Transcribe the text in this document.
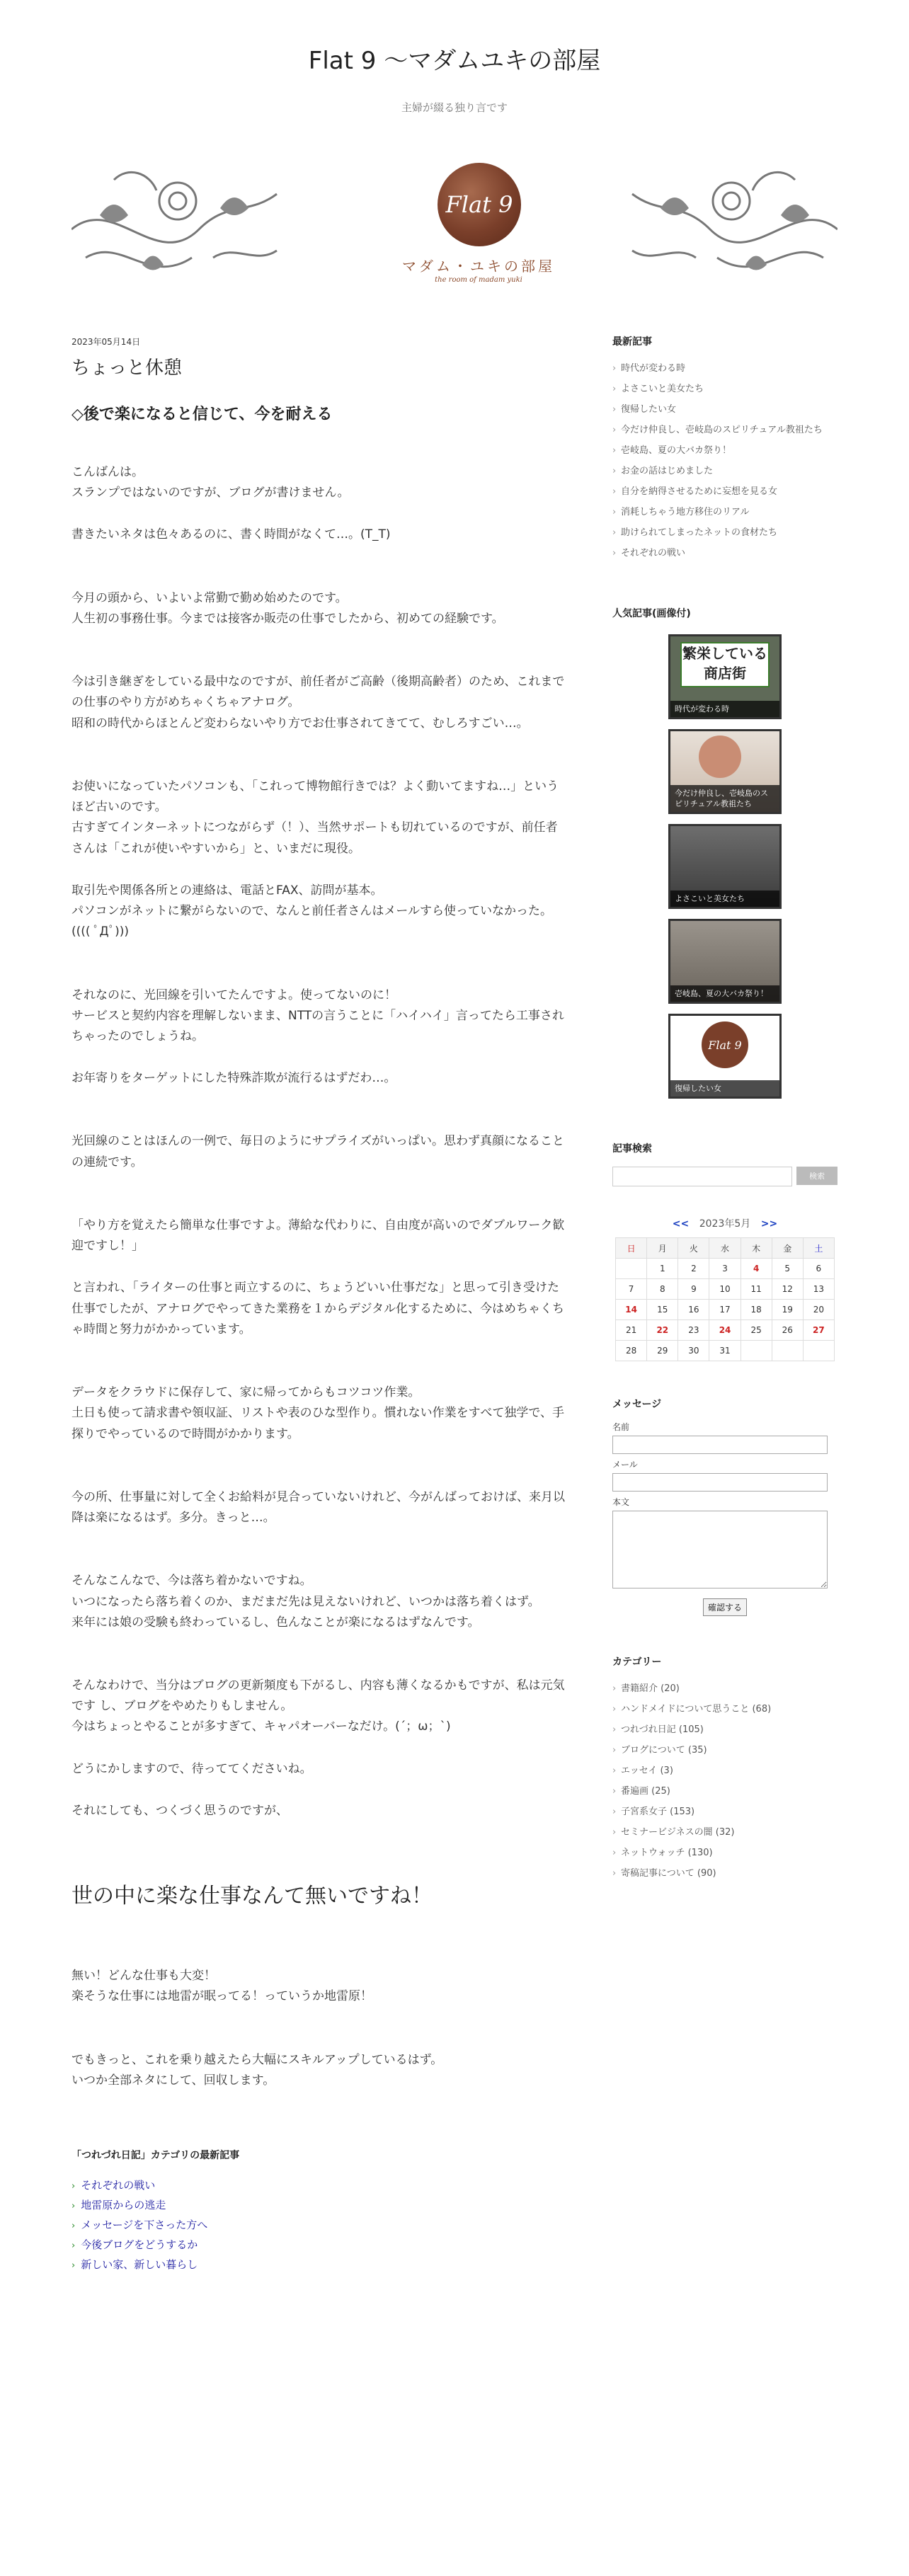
Flat 9 〜マダムユキの部屋
主婦が綴る独り言です
Flat 9
マダム・ユキの部屋
the room of madam yuki
2023年05月14日
ちょっと休憩
◇後で楽になると信じて、今を耐える

こんばんは。
スランプではないのですが、ブログが書けません。

書きたいネタは色々あるのに、書く時間がなくて…。(T_T)

今月の頭から、いよいよ常勤で勤め始めたのです。
人生初の事務仕事。今までは接客か販売の仕事でしたから、初めての経験です。

今は引き継ぎをしている最中なのですが、前任者がご高齢（後期高齢者）のため、これまでの仕事のやり方がめちゃくちゃアナログ。
昭和の時代からほとんど変わらないやり方でお仕事されてきてて、むしろすごい…。

お使いになっていたパソコンも、「これって博物館行きでは？よく動いてますね…」というほど古いのです。
古すぎてインターネットにつながらず（！）、当然サポートも切れているのですが、前任者さんは「これが使いやすいから」と、いまだに現役。

取引先や関係各所との連絡は、電話とFAX、訪問が基本。
パソコンがネットに繋がらないので、なんと前任者さんはメールすら使っていなかった。(((( ﾟДﾟ)))

それなのに、光回線を引いてたんですよ。使ってないのに！
サービスと契約内容を理解しないまま、NTTの言うことに「ハイハイ」言ってたら工事されちゃったのでしょうね。

お年寄りをターゲットにした特殊詐欺が流行るはずだわ…。

光回線のことはほんの一例で、毎日のようにサプライズがいっぱい。思わず真顔になることの連続です。

「やり方を覚えたら簡単な仕事ですよ。薄給な代わりに、自由度が高いのでダブルワーク歓迎ですし！」

と言われ、「ライターの仕事と両立するのに、ちょうどいい仕事だな」と思って引き受けた仕事でしたが、アナログでやってきた業務を１からデジタル化するために、今はめちゃくちゃ時間と努力がかかっています。

データをクラウドに保存して、家に帰ってからもコツコツ作業。
土日も使って請求書や領収証、リストや表のひな型作り。慣れない作業をすべて独学で、手探りでやっているので時間がかかります。

今の所、仕事量に対して全くお給料が見合っていないけれど、今がんばっておけば、来月以降は楽になるはず。多分。きっと…。

そんなこんなで、今は落ち着かないですね。
いつになったら落ち着くのか、まだまだ先は見えないけれど、いつかは落ち着くはず。
来年には娘の受験も終わっているし、色んなことが楽になるはずなんです。

そんなわけで、当分はブログの更新頻度も下がるし、内容も薄くなるかもですが、私は元気です し、ブログをやめたりもしません。
今はちょっとやることが多すぎて、キャパオーバーなだけ。(´；ω；`)

どうにかしますので、待っててくださいね。

それにしても、つくづく思うのですが、

世の中に楽な仕事なんて無いですね！

無い！どんな仕事も大変！
楽そうな仕事には地雷が眠ってる！っていうか地雷原！

でもきっと、これを乗り越えたら大幅にスキルアップしているはず。
いつか全部ネタにして、回収します。

「つれづれ日記」カテゴリの最新記事
› それぞれの戦い
› 地雷原からの逃走
› メッセージを下さった方へ
› 今後ブログをどうするか
› 新しい家、新しい暮らし
最新記事
› 時代が変わる時
› よさこいと美女たち
› 復帰したい女
› 今だけ仲良し、壱岐島のスピリチュアル教祖たち
› 壱岐島、夏の大バカ祭り！
› お金の話はじめました
› 自分を納得させるために妄想を見る女
› 消耗しちゃう地方移住のリアル
› 助けられてしまったネットの食材たち
› それぞれの戦い
人気記事(画像付)
繁栄している商店街
時代が変わる時
今だけ仲良し、壱岐島のスピリチュアル教祖たち
よさこいと美女たち
壱岐島、夏の大バカ祭り！
Flat 9
復帰したい女
記事検索
検索
<< 2023年5月 >>
日	月	火	水	木	金	土
	1	2	3	4	5	6
7	8	9	10	11	12	13
14	15	16	17	18	19	20
21	22	23	24	25	26	27
28	29	30	31			
メッセージ
名前
メール
本文
確認する
カテゴリー
› 書籍紹介 (20)
› ハンドメイドについて思うこと (68)
› つれづれ日記 (105)
› ブログについて (35)
› エッセイ (3)
› 番遍画 (25)
› 子宮系女子 (153)
› セミナービジネスの闇 (32)
› ネットウォッチ (130)
› 寄稿記事について (90)
